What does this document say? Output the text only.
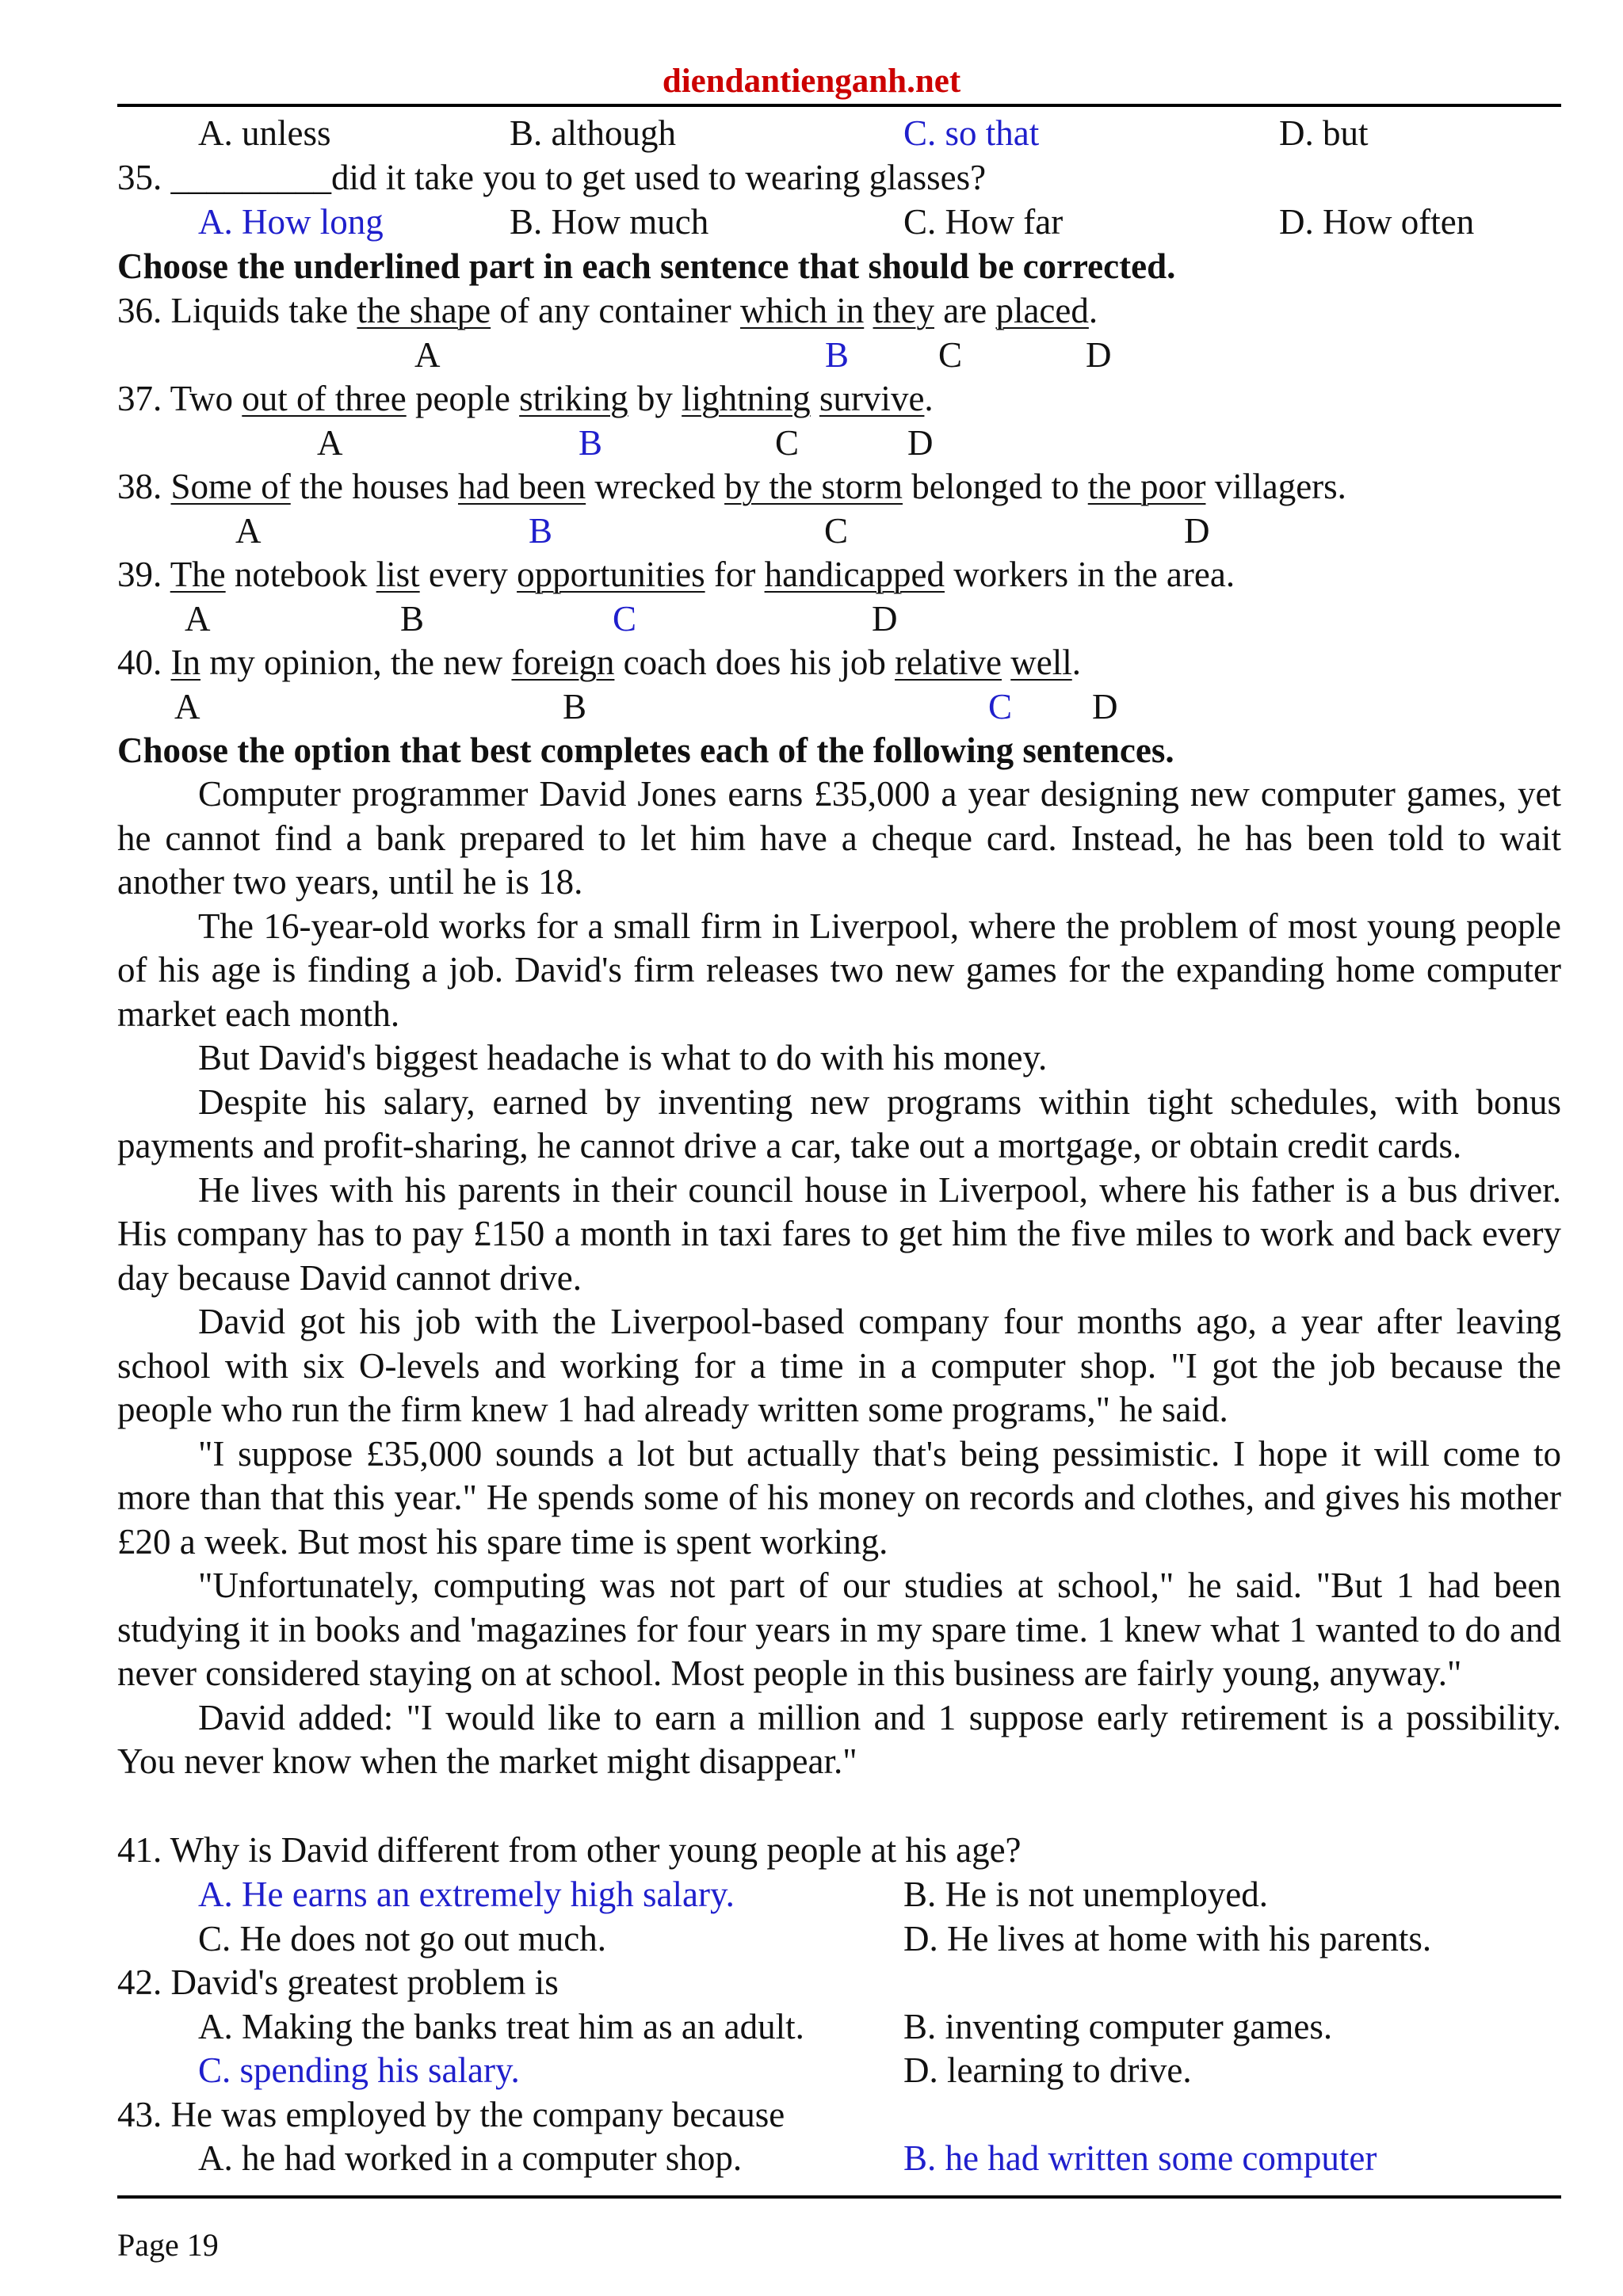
diendantienganh.net
A. unless	B. although	C. so that	D. but
35. _________did it take you to get used to wearing glasses?
A. How long	B. How much	C. How far	D. How often
Choose the underlined part in each sentence that should be corrected.
36. Liquids take the shape of any container which in they are placed.
A	B	C	D
37. Two out of three people striking by lightning survive.
A	B	C	D
38. Some of the houses had been wrecked by the storm belonged to the poor villagers.
A	B	C	D
39. The notebook list every opportunities for handicapped workers in the area.
A	B	C	D
40. In my opinion, the new foreign coach does his job relative well.
A	B	C D
Choose the option that best completes each of the following sentences.

Computer programmer David Jones earns £35,000 a year designing new computer games, yet he cannot find a bank prepared to let him have a cheque card. Instead, he has been told to wait another two years, until he is 18.

The 16-year-old works for a small firm in Liverpool, where the problem of most young people of his age is finding a job. David's firm releases two new games for the expanding home computer market each month.

But David's biggest headache is what to do with his money.

Despite his salary, earned by inventing new programs within tight schedules, with bonus payments and profit-sharing, he cannot drive a car, take out a mortgage, or obtain credit cards.

He lives with his parents in their council house in Liverpool, where his father is a bus driver. His company has to pay £150 a month in taxi fares to get him the five miles to work and back every day because David cannot drive.

David got his job with the Liverpool-based company four months ago, a year after leaving school with six O-levels and working for a time in a computer shop. "I got the job because the people who run the firm knew 1 had already written some programs," he said.

"I suppose £35,000 sounds a lot but actually that's being pessimistic. I hope it will come to more than that this year." He spends some of his money on records and clothes, and gives his mother £20 a week. But most his spare time is spent working.

"Unfortunately, computing was not part of our studies at school," he said. "But 1 had been studying it in books and 'magazines for four years in my spare time. 1 knew what 1 wanted to do and never considered staying on at school. Most people in this business are fairly young, anyway."

David added: "I would like to earn a million and 1 suppose early retirement is a possibility. You never know when the market might disappear."

41. Why is David different from other young people at his age?
A. He earns an extremely high salary.	B. He is not unemployed.
C. He does not go out much.	D. He lives at home with his parents.
42. David's greatest problem is
A. Making the banks treat him as an adult.	B. inventing computer games.
C. spending his salary.	D. learning to drive.
43. He was employed by the company because
A. he had worked in a computer shop.	B. he had written some computer
Page 19
